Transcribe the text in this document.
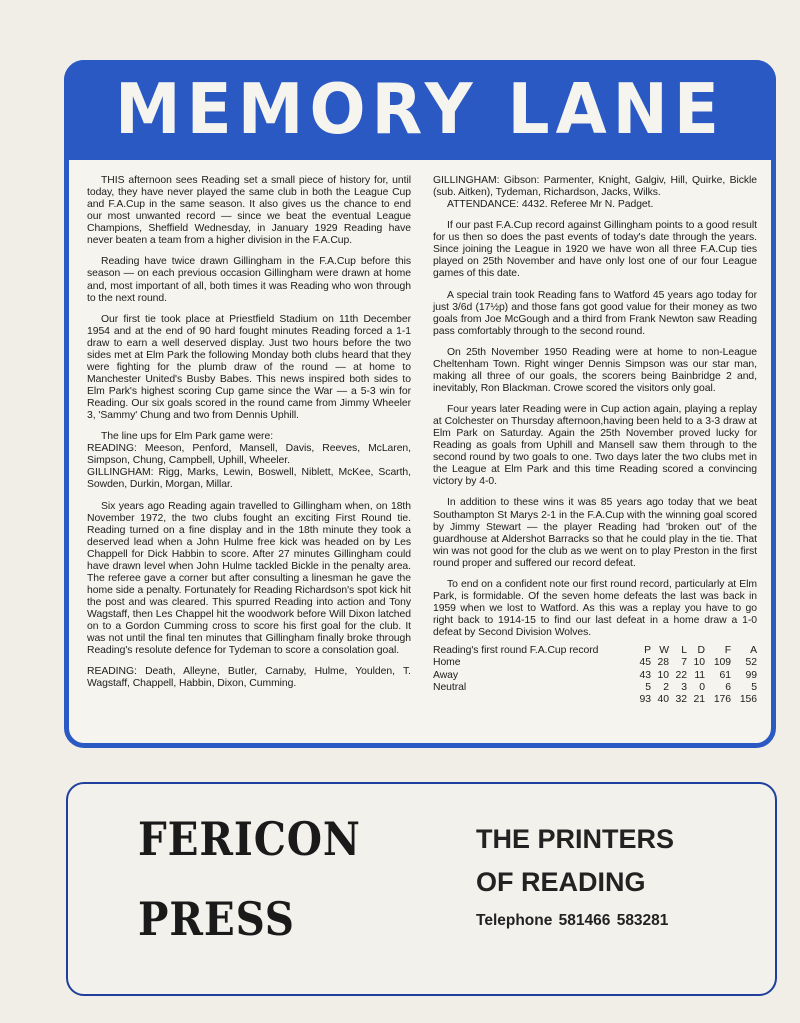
MEMORY LANE

THIS afternoon sees Reading set a small piece of history for, until today, they have never played the same club in both the League Cup and F.A.Cup in the same season. It also gives us the chance to end our most unwanted record — since we beat the eventual League Champions, Sheffield Wednesday, in January 1929 Reading have never beaten a team from a higher division in the F.A.Cup.

Reading have twice drawn Gillingham in the F.A.Cup before this season — on each previous occasion Gillingham were drawn at home and, most important of all, both times it was Reading who won through to the next round.

Our first tie took place at Priestfield Stadium on 11th December 1954 and at the end of 90 hard fought minutes Reading forced a 1-1 draw to earn a well deserved display. Just two hours before the two sides met at Elm Park the following Monday both clubs heard that they were fighting for the plumb draw of the round — at home to Manchester United's Busby Babes. This news inspired both sides to Elm Park's highest scoring Cup game since the War — a 5-3 win for Reading. Our six goals scored in the round came from Jimmy Wheeler 3, 'Sammy' Chung and two from Dennis Uphill.

The line ups for Elm Park game were:

READING: Meeson, Penford, Mansell, Davis, Reeves, McLaren, Simpson, Chung, Campbell, Uphill, Wheeler.

GILLINGHAM: Rigg, Marks, Lewin, Boswell, Niblett, McKee, Scarth, Sowden, Durkin, Morgan, Millar.

Six years ago Reading again travelled to Gillingham when, on 18th November 1972, the two clubs fought an exciting First Round tie. Reading turned on a fine display and in the 18th minute they took a deserved lead when a John Hulme free kick was headed on by Les Chappell for Dick Habbin to score. After 27 minutes Gillingham could have drawn level when John Hulme tackled Bickle in the penalty area. The referee gave a corner but after consulting a linesman he gave the home side a penalty. Fortunately for Reading Richardson's spot kick hit the post and was cleared. This spurred Reading into action and Tony Wagstaff, then Les Chappel hit the woodwork before Will Dixon latched on to a Gordon Cumming cross to score his first goal for the club. It was not until the final ten minutes that Gillingham finally broke through Reading's resolute defence for Tydeman to score a consolation goal.

READING: Death, Alleyne, Butler, Carnaby, Hulme, Youlden, T. Wagstaff, Chappell, Habbin, Dixon, Cumming.

GILLINGHAM: Gibson: Parmenter, Knight, Galgiv, Hill, Quirke, Bickle (sub. Aitken), Tydeman, Richardson, Jacks, Wilks.

ATTENDANCE: 4432. Referee Mr N. Padget.

If our past F.A.Cup record against Gillingham points to a good result for us then so does the past events of today's date through the years. Since joining the League in 1920 we have won all three F.A.Cup ties played on 25th November and have only lost one of our four League games of this date.

A special train took Reading fans to Watford 45 years ago today for just 3/6d (17½p) and those fans got good value for their money as two goals from Joe McGough and a third from Frank Newton saw Reading pass comfortably through to the second round.

On 25th November 1950 Reading were at home to non-League Cheltenham Town. Right winger Dennis Simpson was our star man, making all three of our goals, the scorers being Bainbridge 2 and, inevitably, Ron Blackman. Crowe scored the visitors only goal.

Four years later Reading were in Cup action again, playing a replay at Colchester on Thursday afternoon,having been held to a 3-3 draw at Elm Park on Saturday. Again the 25th November proved lucky for Reading as goals from Uphill and Mansell saw them through to the second round by two goals to one. Two days later the two clubs met in the League at Elm Park and this time Reading scored a convincing victory by 4-0.

In addition to these wins it was 85 years ago today that we beat Southampton St Marys 2-1 in the F.A.Cup with the winning goal scored by Jimmy Stewart — the player Reading had 'broken out' of the guardhouse at Aldershot Barracks so that he could play in the tie. That win was not good for the club as we went on to play Preston in the first round proper and suffered our record defeat.

To end on a confident note our first round record, particularly at Elm Park, is formidable. Of the seven home defeats the last was back in 1959 when we lost to Watford. As this was a replay you have to go right back to 1914-15 to find our last defeat in a home draw a 1-0 defeat by Second Division Wolves.

Reading's first round F.A.Cup record	P W	L	D	F	A
Home	45 28	7 10 109	52
Away	43 10 22 11	61	99
Neutral	5	2	3	0	6	5
93 40 32 21 176 156
FERICON
PRESS
THE PRINTERS
OF READING
Telephone 581466 583281
